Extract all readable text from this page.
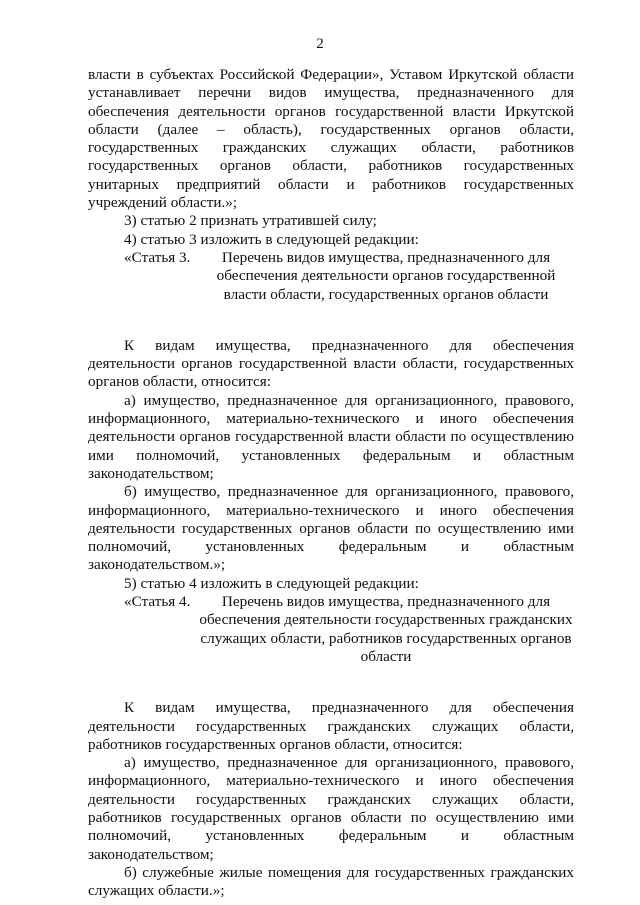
2

власти в субъектах Российской Федерации», Уставом Иркутской области устанавливает перечни видов имущества, предназначенного для обеспечения деятельности органов государственной власти Иркутской области (далее – область), государственных органов области, государственных гражданских служащих области, работников государственных органов области, работников государственных унитарных предприятий области и работников государственных учреждений области.»;

3) статью 2 признать утратившей силу;

4) статью 3 изложить в следующей редакции:

«Статья 3.	Перечень видов имущества, предназначенного для обеспечения деятельности органов государственной власти области, государственных органов области

К видам имущества, предназначенного для обеспечения деятельности органов государственной власти области, государственных органов области, относится:

а) имущество, предназначенное для организационного, правового, информационного, материально-технического и иного обеспечения деятельности органов государственной власти области по осуществлению ими полномочий, установленных федеральным и областным законодательством;

б) имущество, предназначенное для организационного, правового, информационного, материально-технического и иного обеспечения деятельности государственных органов области по осуществлению ими полномочий, установленных федеральным и областным законодательством.»;

5) статью 4 изложить в следующей редакции:

«Статья 4.	Перечень видов имущества, предназначенного для обеспечения деятельности государственных гражданских служащих области, работников государственных органов области

К видам имущества, предназначенного для обеспечения деятельности государственных гражданских служащих области, работников государственных органов области, относится:

а) имущество, предназначенное для организационного, правового, информационного, материально-технического и иного обеспечения деятельности государственных гражданских служащих области, работников государственных органов области по осуществлению ими полномочий, установленных федеральным и областным законодательством;

б) служебные жилые помещения для государственных гражданских служащих области.»;
